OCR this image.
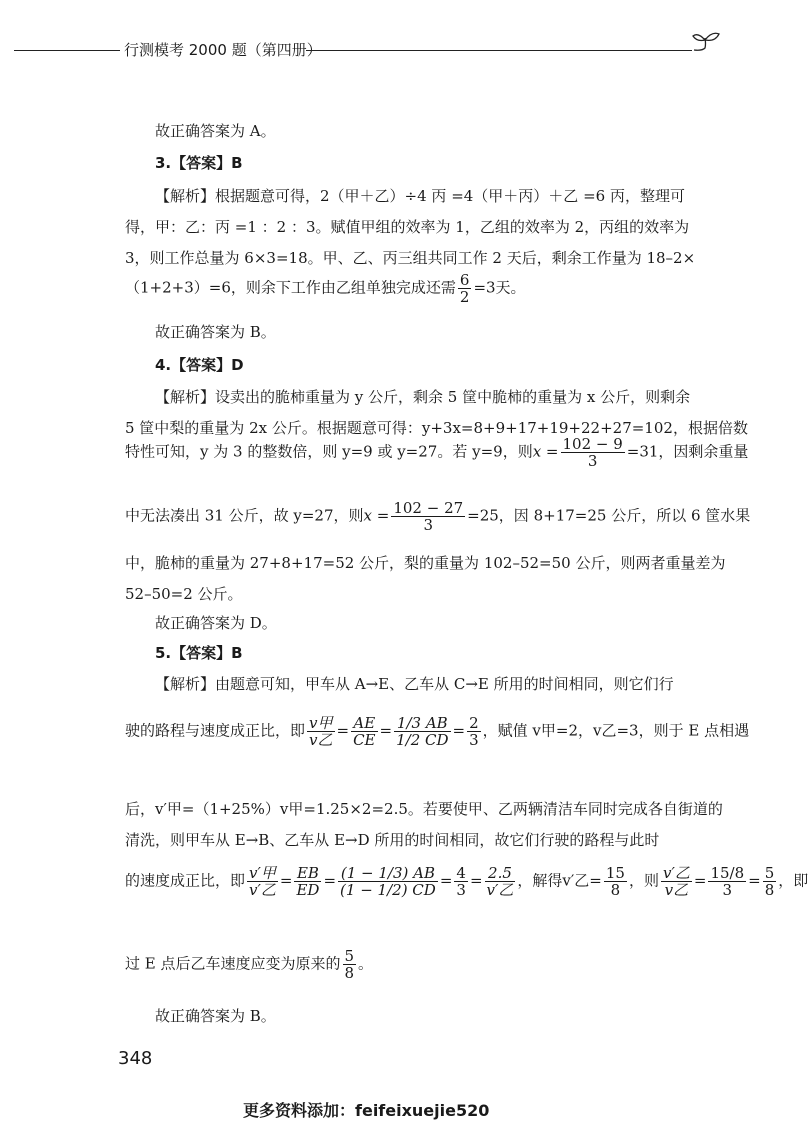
行测模考 2000 题（第四册）
故正确答案为 A。
3.【答案】B
【解析】根据题意可得，2（甲＋乙）÷4 丙 =4（甲＋丙）＋乙 =6 丙，整理可
得，甲：乙：丙 =1 ：2 ：3。赋值甲组的效率为 1，乙组的效率为 2，丙组的效率为
3，则工作总量为 6×3=18。甲、乙、丙三组共同工作 2 天后，剩余工作量为 18–2×
（1+2+3）=6，则余下工作由乙组单独完成还需 $\frac{6}{2} =3$天。
故正确答案为 B。
4.【答案】D
【解析】设卖出的脆柿重量为 y 公斤，剩余 5 筐中脆柿的重量为 x 公斤，则剩余
5 筐中梨的重量为 2x 公斤。根据题意可得：y+3x=8+9+17+19+22+27=102，根据倍数
特性可知，y 为 3 的整数倍，则 y=9 或 y=27。若 y=9，则$x = \frac{102 - 9}{3} =31$，因剩余重量
中无法凑出 31 公斤，故 y=27，则$x = \frac{102 - 27}{3} =25$，因 8+17=25 公斤，所以 6 筐水果
中，脆柿的重量为 27+8+17=52 公斤，梨的重量为 102–52=50 公斤，则两者重量差为
52–50=2 公斤。
故正确答案为 D。
5.【答案】B
【解析】由题意可知，甲车从 A→E、乙车从 C→E 所用的时间相同，则它们行
驶的路程与速度成正比，即 $\frac{\text{v甲}}{\text{v乙}} = \frac{AE}{CE} = \frac{1/3 AB}{1/2 CD} = \frac{2}{3}$ ，赋值 v甲=2，v乙=3，则于 E 点相遇
后，v′甲=（1+25%）v甲=1.25×2=2.5。若要使甲、乙两辆清洁车同时完成各自街道的
清洗，则甲车从 E→B、乙车从 E→D 所用的时间相同，故它们行驶的路程与此时
的速度成正比，即 $\frac{\text{v′甲}}{\text{v′乙}} = \frac{EB}{ED} = \frac{(1 - 1/3) AB}{(1 - 1/2) CD} = \frac{4}{3} = \frac{2.5}{\text{v′乙}}$ ，解得v′乙= $\frac{15}{8}$ ，则 $\frac{\text{v′乙}}{\text{v乙}} = \frac{15/8}{3} = \frac{5}{8}$ ，即
过 E 点后乙车速度应变为原来的 $\frac{5}{8}$ 。
故正确答案为 B。
348
更多资料添加：feifeixuejie520
